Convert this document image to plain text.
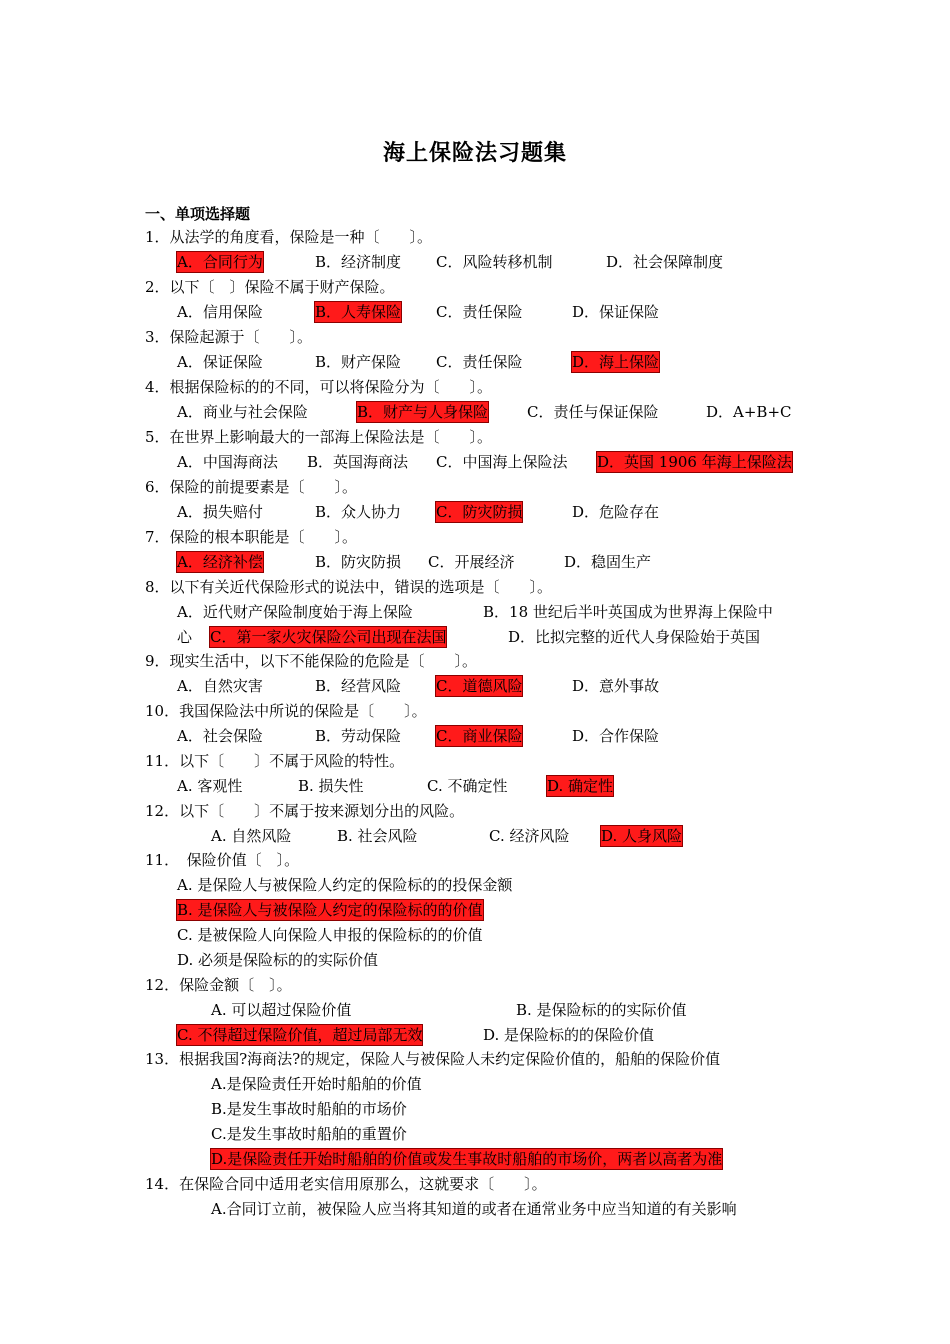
海上保险法习题集
一、单项选择题
1．从法学的角度看，保险是一种〔　　〕。
A．合同行为	B．经济制度 C．风险转移机制	D．社会保障制度
2．以下〔　〕保险不属于财产保险。
A．信用保险	B．人寿保险 C．责任保险	D．保证保险
3．保险起源于〔　　〕。
A．保证保险	B．财产保险 C．责任保险	D．海上保险
4．根据保险标的的不同，可以将保险分为〔　　〕。
A．商业与社会保险	B．财产与人身保险	C．责任与保证保险	D．A+B+C
5．在世界上影响最大的一部海上保险法是〔　　〕。
A．中国海商法 B．英国海商法 C．中国海上保险法 D．英国 1906 年海上保险法
6．保险的前提要素是〔　　〕。
A．损失赔付	B．众人协力 C．防灾防损	D．危险存在
7．保险的根本职能是〔　　〕。
A．经济补偿	B．防灾防损 C．开展经济	D．稳固生产
8．以下有关近代保险形式的说法中，错误的选项是〔　　〕。
A．近代财产保险制度始于海上保险	B．18 世纪后半叶英国成为世界海上保险中
心 C．第一家火灾保险公司出现在法国	D．比拟完整的近代人身保险始于英国
9．现实生活中，以下不能保险的危险是〔　　〕。
A．自然灾害	B．经营风险 C．道德风险	D．意外事故
10．我国保险法中所说的保险是〔　　〕。
A．社会保险	B．劳动保险 C．商业保险	D．合作保险
11．以下〔　　〕不属于风险的特性。
A. 客观性	B. 损失性	C. 不确定性	D. 确定性
12．以下〔　　〕不属于按来源划分出的风险。
A. 自然风险	B. 社会风险	C. 经济风险 D. 人身风险
11．　保险价值〔　〕。
A. 是保险人与被保险人约定的保险标的的投保金额
B. 是保险人与被保险人约定的保险标的的价值
C. 是被保险人向保险人申报的保险标的的价值
D. 必须是保险标的的实际价值
12．保险金额〔　〕。
A. 可以超过保险价值	B. 是保险标的的实际价值
C. 不得超过保险价值，超过局部无效	D. 是保险标的的保险价值
13．根据我国?海商法?的规定，保险人与被保险人未约定保险价值的，船舶的保险价值
A.是保险责任开始时船舶的价值
B.是发生事故时船舶的市场价
C.是发生事故时船舶的重置价
D.是保险责任开始时船舶的价值或发生事故时船舶的市场价，两者以高者为准
14．在保险合同中适用老实信用原那么，这就要求〔　　〕。
A.合同订立前，被保险人应当将其知道的或者在通常业务中应当知道的有关影响
